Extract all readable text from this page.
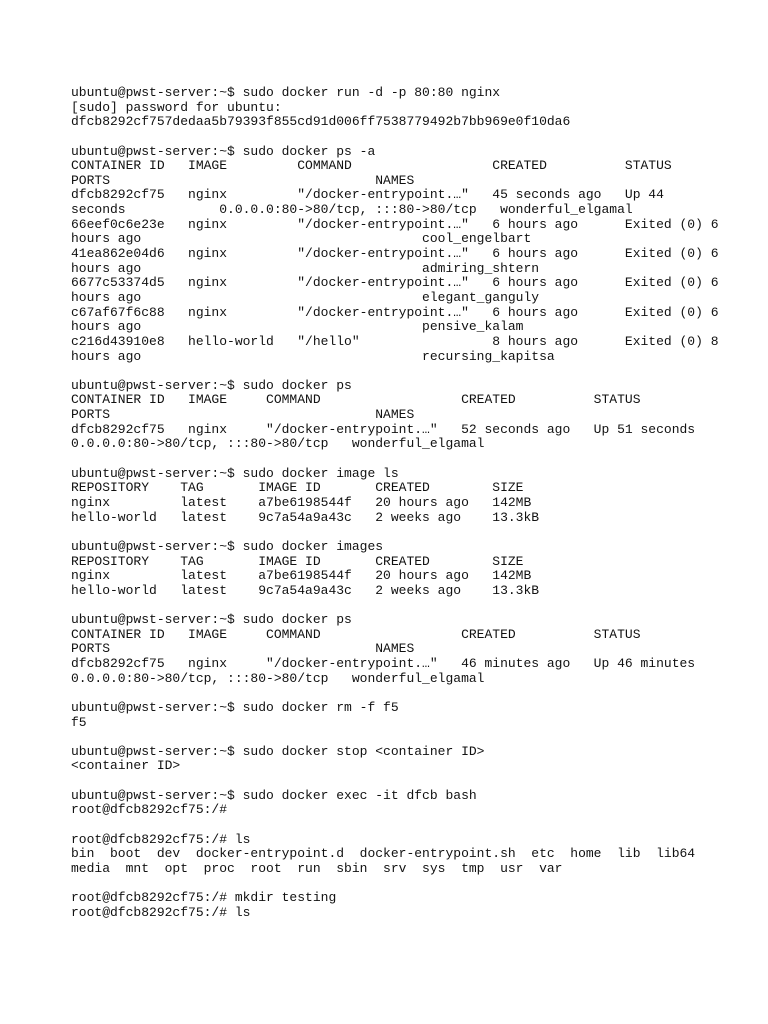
ubuntu@pwst-server:~$ sudo docker run -d -p 80:80 nginx
[sudo] password for ubuntu:
dfcb8292cf757dedaa5b79393f855cd91d006ff7538779492b7bb969e0f10da6
ubuntu@pwst-server:~$ sudo docker ps -a
CONTAINER ID   IMAGE         COMMAND                  CREATED          STATUS
PORTS                                  NAMES
dfcb8292cf75   nginx         "/docker-entrypoint.…"   45 seconds ago   Up 44
seconds            0.0.0.0:80->80/tcp, :::80->80/tcp   wonderful_elgamal
66eef0c6e23e   nginx         "/docker-entrypoint.…"   6 hours ago      Exited (0) 6
hours ago                                    cool_engelbart
41ea862e04d6   nginx         "/docker-entrypoint.…"   6 hours ago      Exited (0) 6
hours ago                                    admiring_shtern
6677c53374d5   nginx         "/docker-entrypoint.…"   6 hours ago      Exited (0) 6
hours ago                                    elegant_ganguly
c67af67f6c88   nginx         "/docker-entrypoint.…"   6 hours ago      Exited (0) 6
hours ago                                    pensive_kalam
c216d43910e8   hello-world   "/hello"                 8 hours ago      Exited (0) 8
hours ago                                    recursing_kapitsa
ubuntu@pwst-server:~$ sudo docker ps
CONTAINER ID   IMAGE     COMMAND                  CREATED          STATUS
PORTS                                  NAMES
dfcb8292cf75   nginx     "/docker-entrypoint.…"   52 seconds ago   Up 51 seconds
0.0.0.0:80->80/tcp, :::80->80/tcp   wonderful_elgamal
ubuntu@pwst-server:~$ sudo docker image ls
REPOSITORY    TAG       IMAGE ID       CREATED        SIZE
nginx         latest    a7be6198544f   20 hours ago   142MB
hello-world   latest    9c7a54a9a43c   2 weeks ago    13.3kB
ubuntu@pwst-server:~$ sudo docker images
REPOSITORY    TAG       IMAGE ID       CREATED        SIZE
nginx         latest    a7be6198544f   20 hours ago   142MB
hello-world   latest    9c7a54a9a43c   2 weeks ago    13.3kB
ubuntu@pwst-server:~$ sudo docker ps
CONTAINER ID   IMAGE     COMMAND                  CREATED          STATUS
PORTS                                  NAMES
dfcb8292cf75   nginx     "/docker-entrypoint.…"   46 minutes ago   Up 46 minutes
0.0.0.0:80->80/tcp, :::80->80/tcp   wonderful_elgamal
ubuntu@pwst-server:~$ sudo docker rm -f f5
f5
ubuntu@pwst-server:~$ sudo docker stop <container ID>
<container ID>
ubuntu@pwst-server:~$ sudo docker exec -it dfcb bash
root@dfcb8292cf75:/#
root@dfcb8292cf75:/# ls
bin  boot  dev  docker-entrypoint.d  docker-entrypoint.sh  etc  home  lib  lib64
media  mnt  opt  proc  root  run  sbin  srv  sys  tmp  usr  var
root@dfcb8292cf75:/# mkdir testing
root@dfcb8292cf75:/# ls
